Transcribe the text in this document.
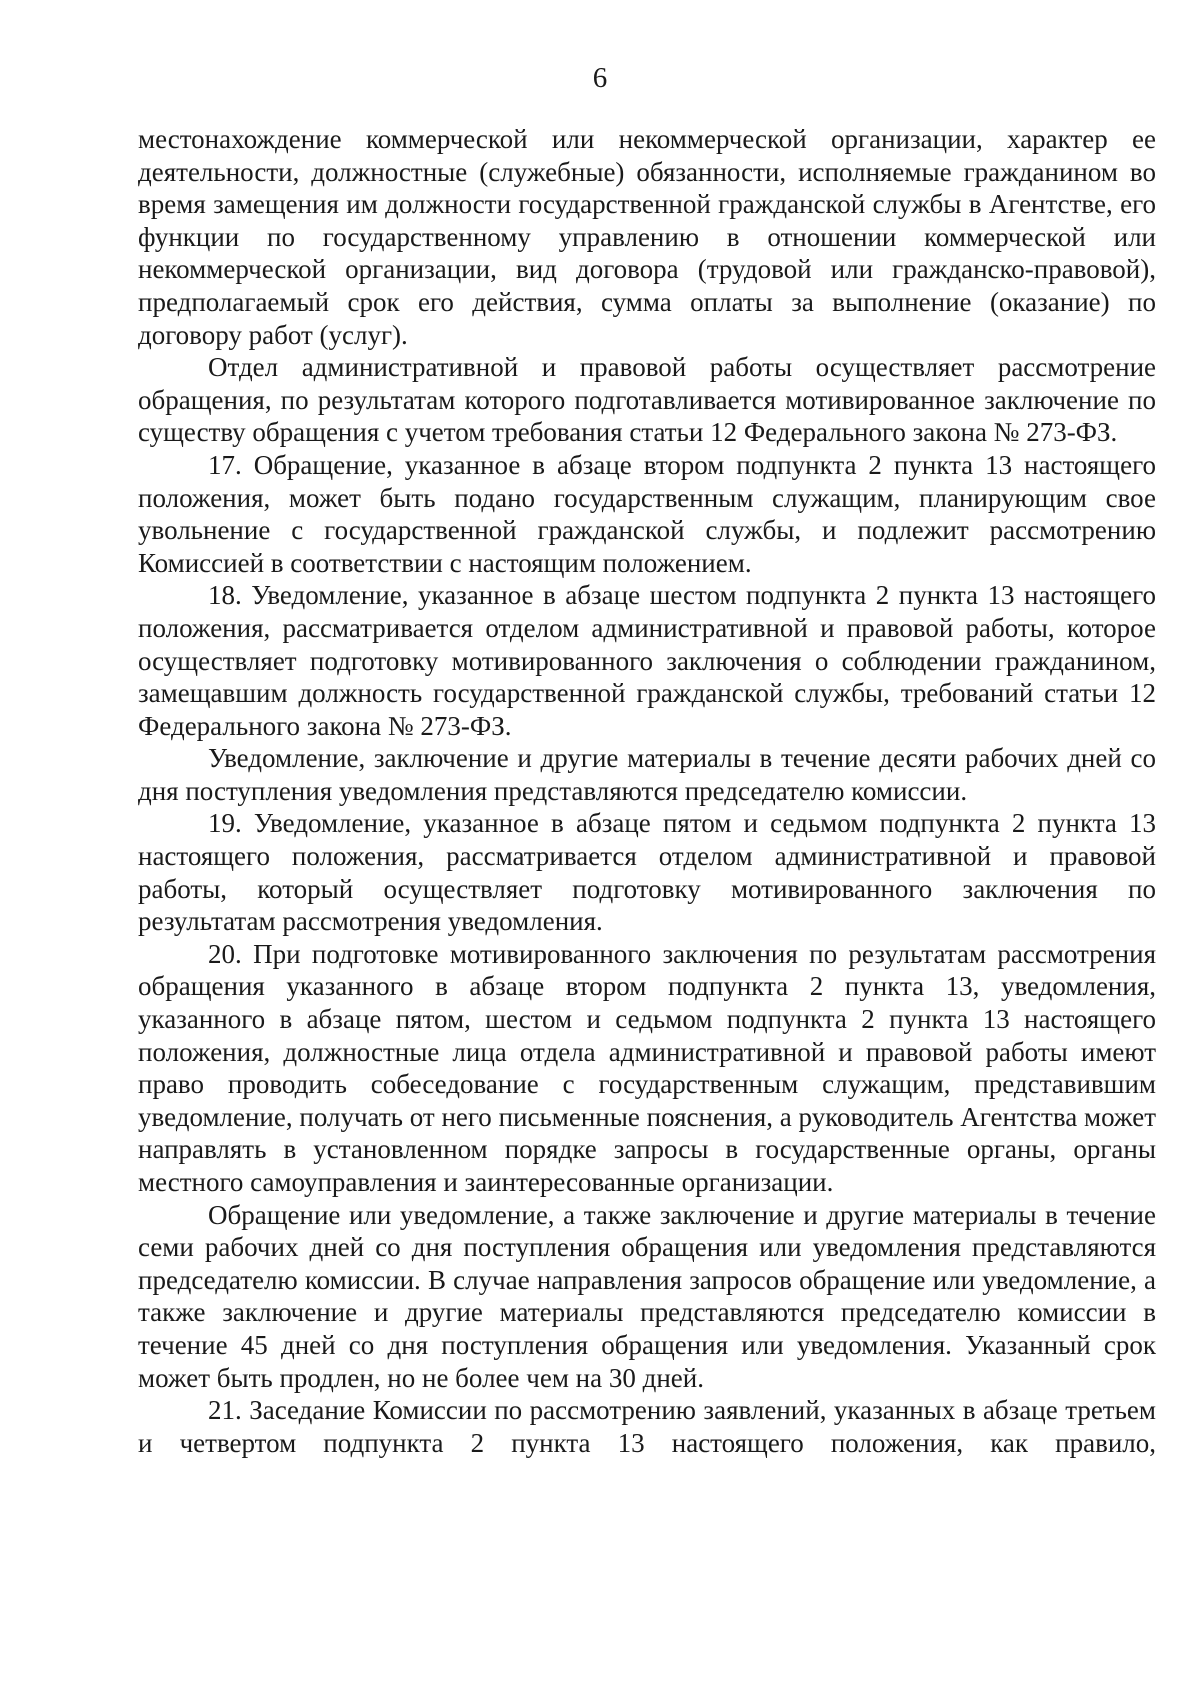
6

местонахождение коммерческой или некоммерческой организации, характер ее деятельности, должностные (служебные) обязанности, исполняемые гражданином во время замещения им должности государственной гражданской службы в Агентстве, его функции по государственному управлению в отношении коммерческой или некоммерческой организации, вид договора (трудовой или гражданско-правовой), предполагаемый срок его действия, сумма оплаты за выполнение (оказание) по договору работ (услуг).

Отдел административной и правовой работы осуществляет рассмотрение обращения, по результатам которого подготавливается мотивированное заключение по существу обращения с учетом требования статьи 12 Федерального закона № 273-ФЗ.

17. Обращение, указанное в абзаце втором подпункта 2 пункта 13 настоящего положения, может быть подано государственным служащим, планирующим свое увольнение с государственной гражданской службы, и подлежит рассмотрению Комиссией в соответствии с настоящим положением.

18. Уведомление, указанное в абзаце шестом подпункта 2 пункта 13 настоящего положения, рассматривается отделом административной и правовой работы, которое осуществляет подготовку мотивированного заключения о соблюдении гражданином, замещавшим должность государственной гражданской службы, требований статьи 12 Федерального закона № 273-ФЗ.

Уведомление, заключение и другие материалы в течение десяти рабочих дней со дня поступления уведомления представляются председателю комиссии.

19. Уведомление, указанное в абзаце пятом и седьмом подпункта 2 пункта 13 настоящего положения, рассматривается отделом административной и правовой работы, который осуществляет подготовку мотивированного заключения по результатам рассмотрения уведомления.

20. При подготовке мотивированного заключения по результатам рассмотрения обращения указанного в абзаце втором подпункта 2 пункта 13, уведомления, указанного в абзаце пятом, шестом и седьмом подпункта 2 пункта 13 настоящего положения, должностные лица отдела административной и правовой работы имеют право проводить собеседование с государственным служащим, представившим уведомление, получать от него письменные пояснения, а руководитель Агентства может направлять в установленном порядке запросы в государственные органы, органы местного самоуправления и заинтересованные организации.

Обращение или уведомление, а также заключение и другие материалы в течение семи рабочих дней со дня поступления обращения или уведомления представляются председателю комиссии. В случае направления запросов обращение или уведомление, а также заключение и другие материалы представляются председателю комиссии в течение 45 дней со дня поступления обращения или уведомления. Указанный срок может быть продлен, но не более чем на 30 дней.

21. Заседание Комиссии по рассмотрению заявлений, указанных в абзаце третьем и четвертом подпункта 2 пункта 13 настоящего положения, как правило,
